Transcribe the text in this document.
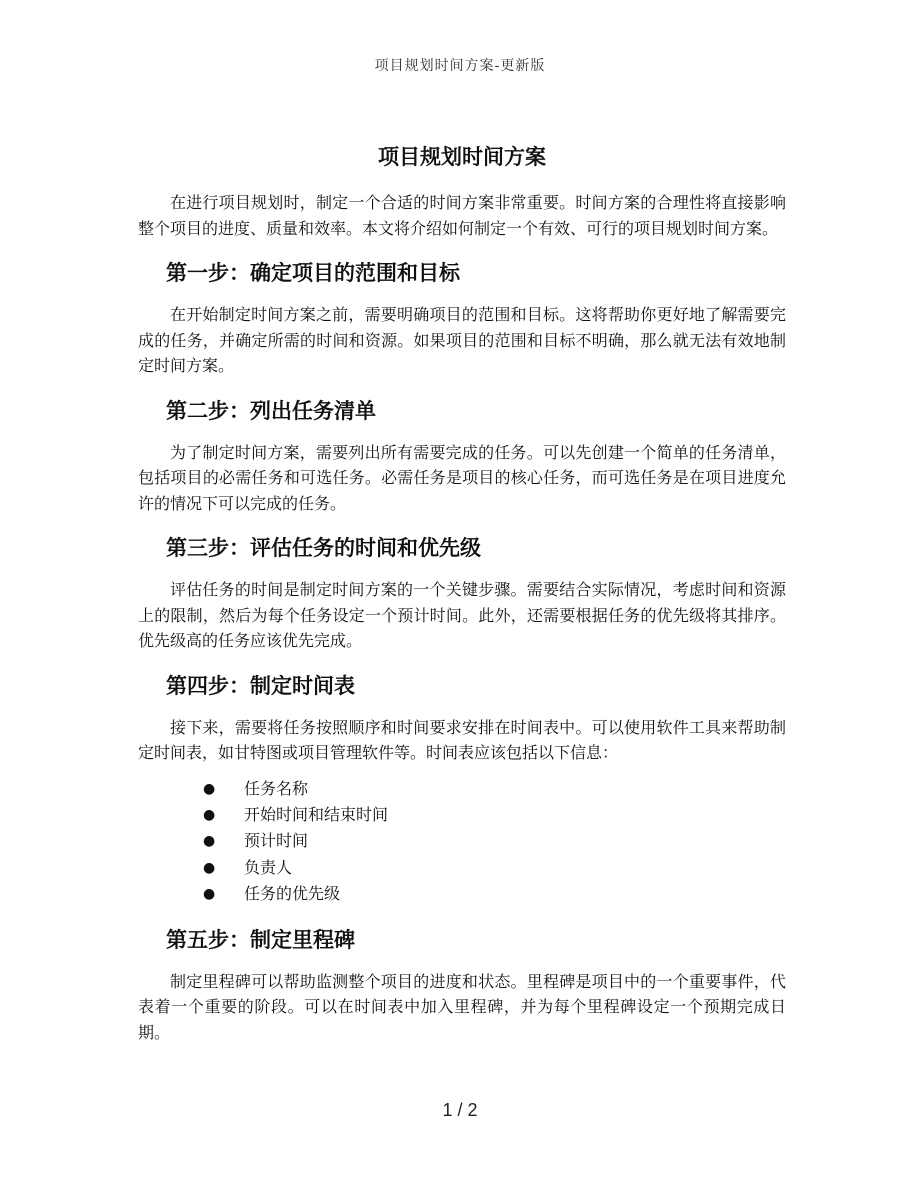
项目规划时间方案-更新版
项目规划时间方案

在进行项目规划时，制定一个合适的时间方案非常重要。时间方案的合理性将直接影响整个项目的进度、质量和效率。本文将介绍如何制定一个有效、可行的项目规划时间方案。

第一步：确定项目的范围和目标

在开始制定时间方案之前，需要明确项目的范围和目标。这将帮助你更好地了解需要完成的任务，并确定所需的时间和资源。如果项目的范围和目标不明确，那么就无法有效地制定时间方案。

第二步：列出任务清单

为了制定时间方案，需要列出所有需要完成的任务。可以先创建一个简单的任务清单，包括项目的必需任务和可选任务。必需任务是项目的核心任务，而可选任务是在项目进度允许的情况下可以完成的任务。

第三步：评估任务的时间和优先级

评估任务的时间是制定时间方案的一个关键步骤。需要结合实际情况，考虑时间和资源上的限制，然后为每个任务设定一个预计时间。此外，还需要根据任务的优先级将其排序。优先级高的任务应该优先完成。

第四步：制定时间表

接下来，需要将任务按照顺序和时间要求安排在时间表中。可以使用软件工具来帮助制定时间表，如甘特图或项目管理软件等。时间表应该包括以下信息：

● 任务名称
● 开始时间和结束时间
● 预计时间
● 负责人
● 任务的优先级
第五步：制定里程碑

制定里程碑可以帮助监测整个项目的进度和状态。里程碑是项目中的一个重要事件，代表着一个重要的阶段。可以在时间表中加入里程碑，并为每个里程碑设定一个预期完成日期。

1 / 2
